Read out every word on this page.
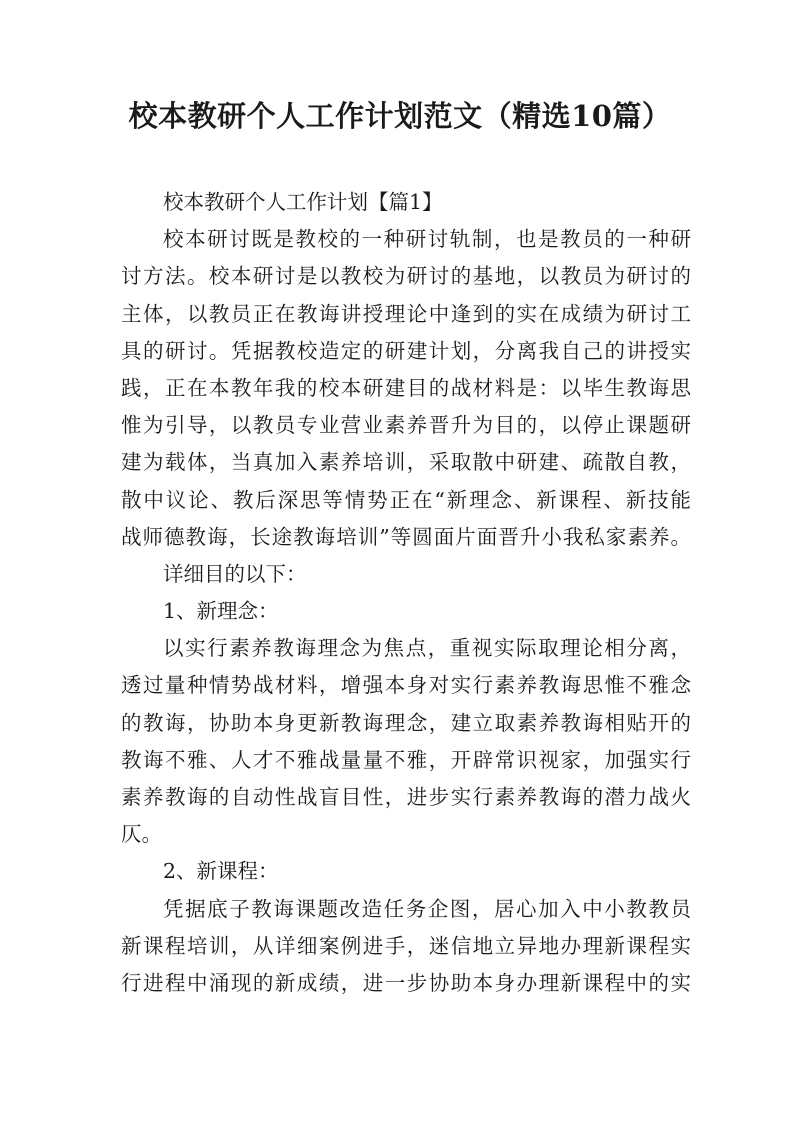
校本教研个人工作计划范文（精选10篇）
校本教研个人工作计划【篇1】
校本研讨既是教校的一种研讨轨制，也是教员的一种研
讨方法。校本研讨是以教校为研讨的基地，以教员为研讨的
主体，以教员正在教诲讲授理论中逢到的实在成绩为研讨工
具的研讨。凭据教校造定的研建计划，分离我自己的讲授实
践，正在本教年我的校本研建目的战材料是：以毕生教诲思
惟为引导，以教员专业营业素养晋升为目的，以停止课题研
建为载体，当真加入素养培训，采取散中研建、疏散自教，
散中议论、教后深思等情势正在“新理念、新课程、新技能
战师德教诲，长途教诲培训”等圆面片面晋升小我私家素养。
详细目的以下：
1、新理念：
以实行素养教诲理念为焦点，重视实际取理论相分离，
透过量种情势战材料，增强本身对实行素养教诲思惟不雅念
的教诲，协助本身更新教诲理念，建立取素养教诲相贴开的
教诲不雅、人才不雅战量量不雅，开辟常识视家，加强实行
素养教诲的自动性战盲目性，进步实行素养教诲的潜力战火
仄。
2、新课程：
凭据底子教诲课题改造任务企图，居心加入中小教教员
新课程培训，从详细案例进手，迷信地立异地办理新课程实
行进程中涌现的新成绩，进一步协助本身办理新课程中的实
